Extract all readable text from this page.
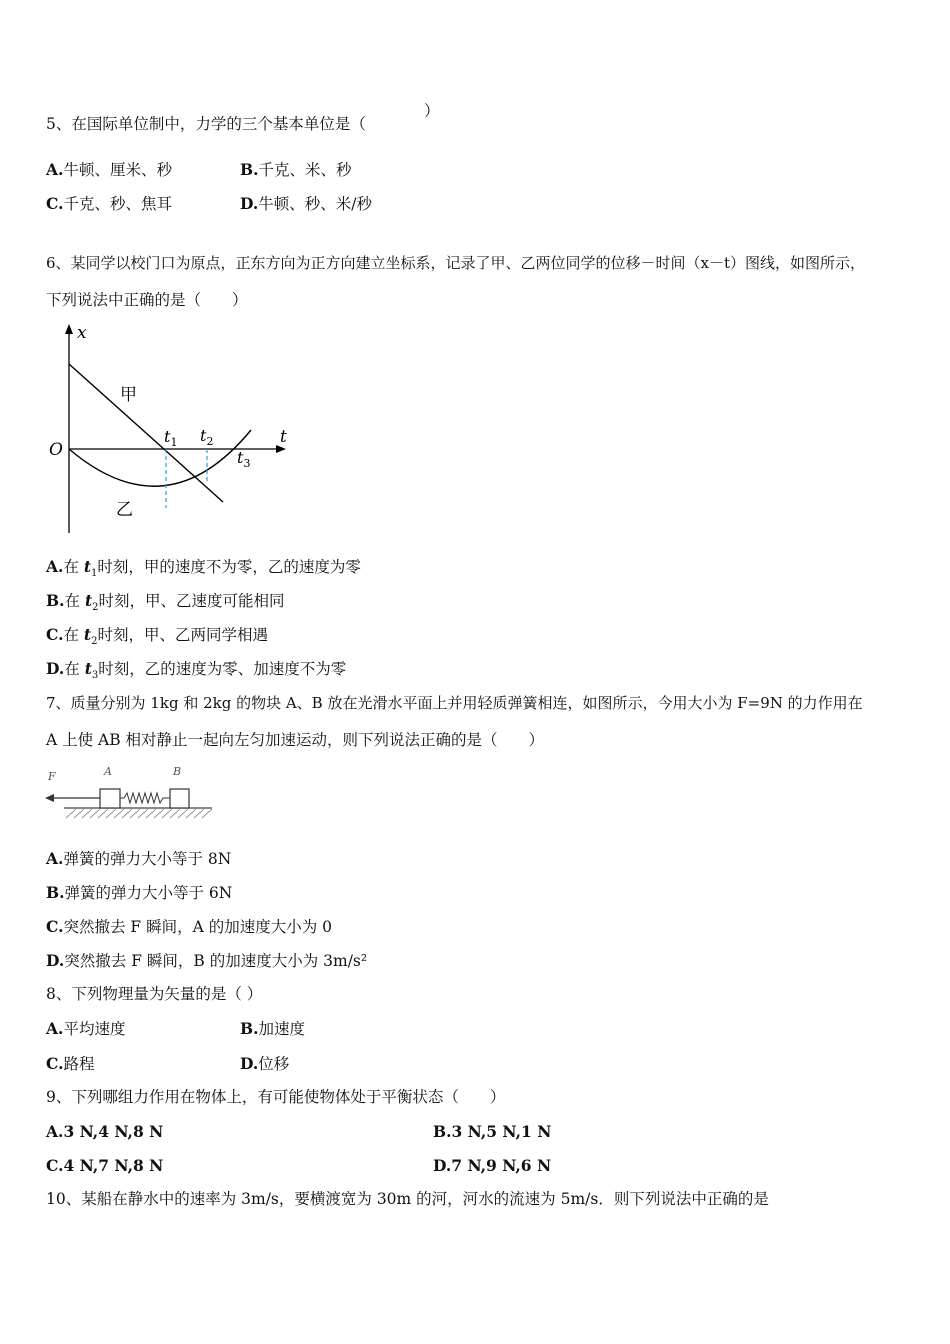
5、在国际单位制中，力学的三个基本单位是（
）
A.牛顿、厘米、秒	B.千克、米、秒
C.千克、秒、焦耳	D.牛顿、秒、米/秒
6、某同学以校门口为原点，正东方向为正方向建立坐标系，记录了甲、乙两位同学的位移－时间（x－t）图线，如图所示，
下列说法中正确的是（　　）
x
t
O
甲
乙
$t_1$ $t_2$
$t_3$
A.在 $t_1$时刻，甲的速度不为零，乙的速度为零
B.在 $t_2$时刻，甲、乙速度可能相同
C.在 $t_2$时刻，甲、乙两同学相遇
D.在 $t_3$时刻，乙的速度为零、加速度不为零
7、质量分别为 1kg 和 2kg 的物块 A、B 放在光滑水平面上并用轻质弹簧相连，如图所示，今用大小为 F=9N 的力作用在
A 上使 AB 相对静止一起向左匀加速运动，则下列说法正确的是（　　）
F	A	B
A.弹簧的弹力大小等于 8N
B.弹簧的弹力大小等于 6N
C.突然撤去 F 瞬间，A 的加速度大小为 0
D.突然撤去 F 瞬间，B 的加速度大小为 3m/s²
8、下列物理量为矢量的是（ ）
A.平均速度	B.加速度
C.路程	D.位移
9、下列哪组力作用在物体上，有可能使物体处于平衡状态（　　）
A.3 N,4 N,8 N	B.3 N,5 N,1 N
C.4 N,7 N,8 N	D.7 N,9 N,6 N
10、某船在静水中的速率为 3m/s，要横渡宽为 30m 的河，河水的流速为 5m/s．则下列说法中正确的是
